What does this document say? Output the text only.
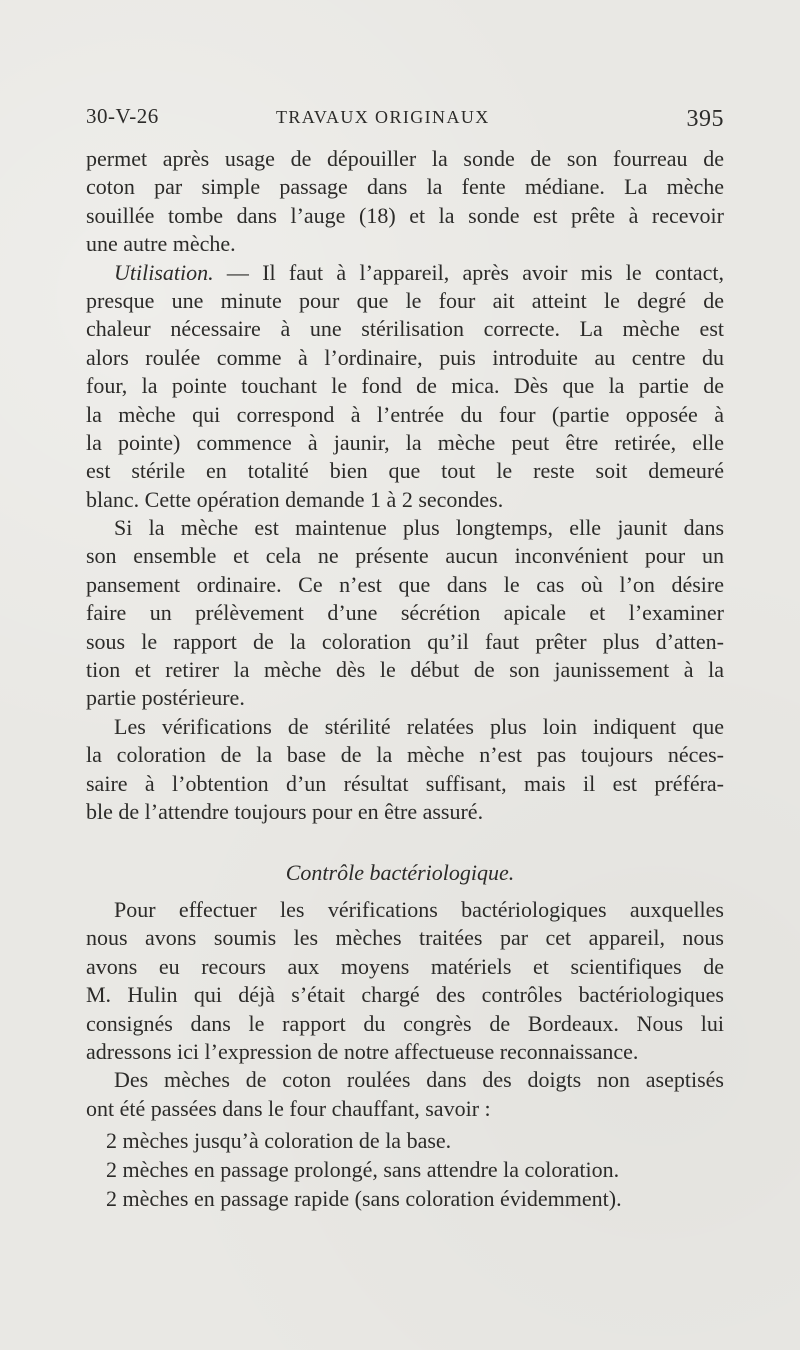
30-V-26	TRAVAUX ORIGINAUX	395
permet après usage de dépouiller la sonde de son fourreau de
coton par simple passage dans la fente médiane. La mèche
souillée tombe dans l’auge (18) et la sonde est prête à recevoir
une autre mèche.
Utilisation. — Il faut à l’appareil, après avoir mis le contact,
presque une minute pour que le four ait atteint le degré de
chaleur nécessaire à une stérilisation correcte. La mèche est
alors roulée comme à l’ordinaire, puis introduite au centre du
four, la pointe touchant le fond de mica. Dès que la partie de
la mèche qui correspond à l’entrée du four (partie opposée à
la pointe) commence à jaunir, la mèche peut être retirée, elle
est stérile en totalité bien que tout le reste soit demeuré
blanc. Cette opération demande 1 à 2 secondes.
Si la mèche est maintenue plus longtemps, elle jaunit dans
son ensemble et cela ne présente aucun inconvénient pour un
pansement ordinaire. Ce n’est que dans le cas où l’on désire
faire un prélèvement d’une sécrétion apicale et l’examiner
sous le rapport de la coloration qu’il faut prêter plus d’atten-
tion et retirer la mèche dès le début de son jaunissement à la
partie postérieure.
Les vérifications de stérilité relatées plus loin indiquent que
la coloration de la base de la mèche n’est pas toujours néces-
saire à l’obtention d’un résultat suffisant, mais il est préféra-
ble de l’attendre toujours pour en être assuré.
Contrôle bactériologique.
Pour effectuer les vérifications bactériologiques auxquelles
nous avons soumis les mèches traitées par cet appareil, nous
avons eu recours aux moyens matériels et scientifiques de
M. Hulin qui déjà s’était chargé des contrôles bactériologiques
consignés dans le rapport du congrès de Bordeaux. Nous lui
adressons ici l’expression de notre affectueuse reconnaissance.
Des mèches de coton roulées dans des doigts non aseptisés
ont été passées dans le four chauffant, savoir :
2 mèches jusqu’à coloration de la base.
2 mèches en passage prolongé, sans attendre la coloration.
2 mèches en passage rapide (sans coloration évidemment).
